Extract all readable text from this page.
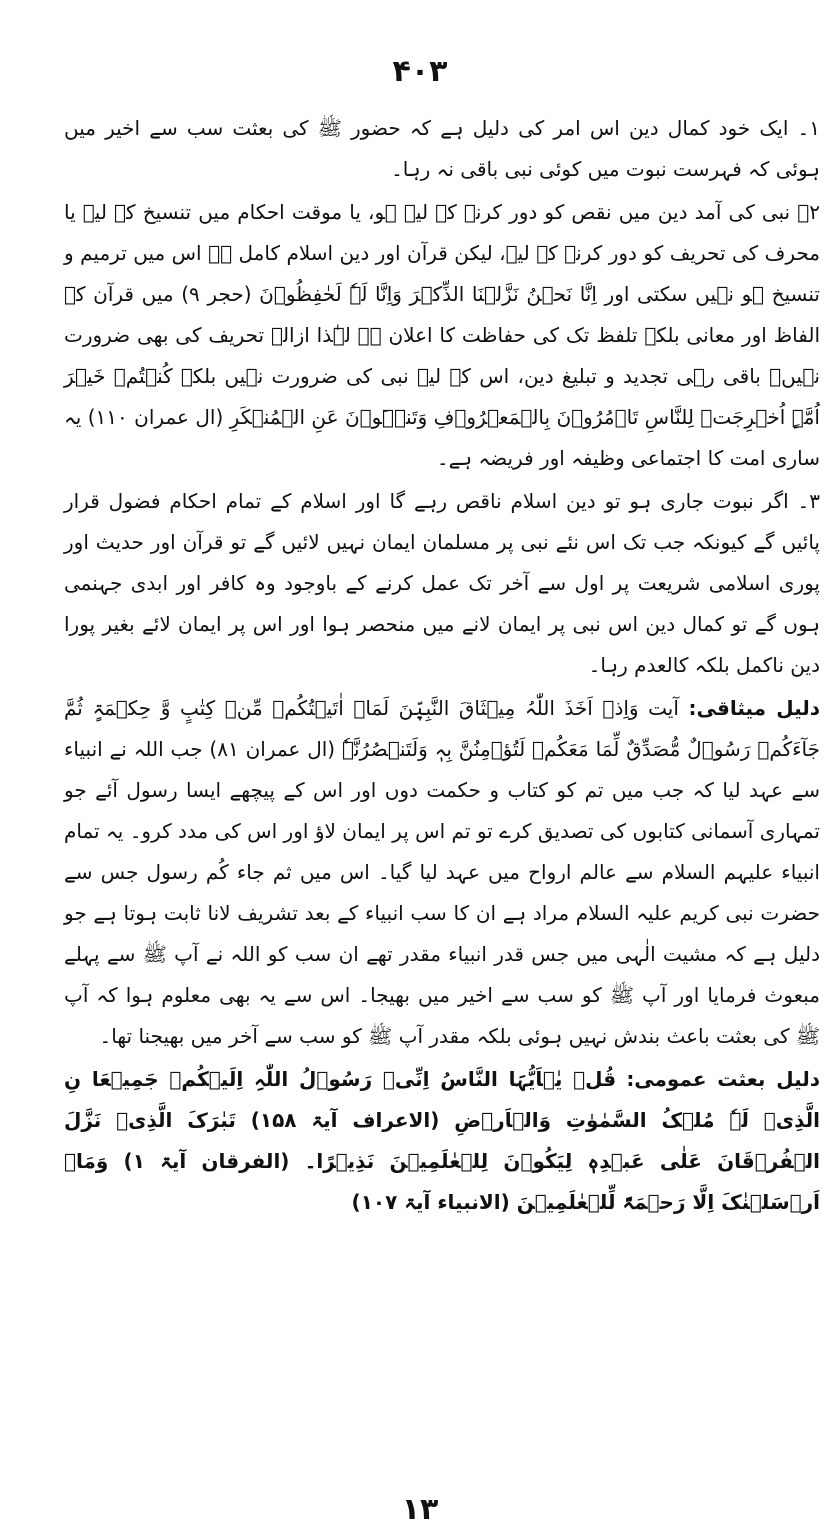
۴۰۳

۱۔ ایک خود کمال دین اس امر کی دلیل ہے کہ حضور ﷺ کی بعثت سب سے اخیر میں ہوئی کہ فہرست نبوت میں کوئی نبی باقی نہ رہا۔

۲۔ نبی کی آمد دین میں نقص کو دور کرنے کے لیے ہو، یا موقت احکام میں تنسیخ کے لیے یا محرف کی تحریف کو دور کرنے کے لیے، لیکن قرآن اور دین اسلام کامل ہے اس میں ترمیم و تنسیخ ہو نہیں سکتی اور اِنَّا نَحۡنُ نَزَّلۡنَا الذِّکۡرَ وَاِنَّا لَہٗ لَحٰفِظُوۡنَ (حجر ۹) میں قرآن کے الفاظ اور معانی بلکہ تلفظ تک کی حفاظت کا اعلان ہے لہٰذا ازالہ تحریف کی بھی ضرورت نہیں۔ باقی رہی تجدید و تبلیغ دین، اس کے لیے نبی کی ضرورت نہیں بلکہ کُنۡتُمۡ خَیۡرَ اُمَّۃٍ اُخۡرِجَتۡ لِلنَّاسِ تَاۡمُرُوۡنَ بِالۡمَعۡرُوۡفِ وَتَنۡہَوۡنَ عَنِ الۡمُنۡکَرِ (ال عمران ۱۱۰) یہ ساری امت کا اجتماعی وظیفہ اور فریضہ ہے۔

۳۔ اگر نبوت جاری ہو تو دین اسلام ناقص رہے گا اور اسلام کے تمام احکام فضول قرار پائیں گے کیونکہ جب تک اس نئے نبی پر مسلمان ایمان نہیں لائیں گے تو قرآن اور حدیث اور پوری اسلامی شریعت پر اول سے آخر تک عمل کرنے کے باوجود وہ کافر اور ابدی جہنمی ہوں گے تو کمال دین اس نبی پر ایمان لانے میں منحصر ہوا اور اس پر ایمان لائے بغیر پورا دین ناکمل بلکہ کالعدم رہا۔

دلیل میثاقی: آیت وَاِذۡ اَخَذَ اللّٰہُ مِیۡثَاقَ النَّبِیّٖنَ لَمَاۤ اٰتَیۡتُکُمۡ مِّنۡ کِتٰبٍ وَّ حِکۡمَۃٍ ثُمَّ جَآءَکُمۡ رَسُوۡلٌ مُّصَدِّقٌ لِّمَا مَعَکُمۡ لَتُؤۡمِنُنَّ بِہٖ وَلَتَنۡصُرُنَّہٗ (ال عمران ۸۱) جب اللہ نے انبیاء سے عہد لیا کہ جب میں تم کو کتاب و حکمت دوں اور اس کے پیچھے ایسا رسول آئے جو تمہاری آسمانی کتابوں کی تصدیق کرے تو تم اس پر ایمان لاؤ اور اس کی مدد کرو۔ یہ تمام انبیاء علیہم السلام سے عالم ارواح میں عہد لیا گیا۔ اس میں ثم جاء کُم رسول جس سے حضرت نبی کریم علیہ السلام مراد ہے ان کا سب انبیاء کے بعد تشریف لانا ثابت ہوتا ہے جو دلیل ہے کہ مشیت الٰہی میں جس قدر انبیاء مقدر تھے ان سب کو اللہ نے آپ ﷺ سے پہلے مبعوث فرمایا اور آپ ﷺ کو سب سے اخیر میں بھیجا۔ اس سے یہ بھی معلوم ہوا کہ آپ ﷺ کی بعثت باعث بندش نہیں ہوئی بلکہ مقدر آپ ﷺ کو سب سے آخر میں بھیجنا تھا۔

دلیل بعثت عمومی: قُلۡ یٰۤاَیُّہَا النَّاسُ اِنِّیۡ رَسُوۡلُ اللّٰہِ اِلَیۡکُمۡ جَمِیۡعَا نِ الَّذِیۡ لَہٗ مُلۡکُ السَّمٰوٰتِ وَالۡاَرۡضِ (الاعراف آیۃ ۱۵۸) تَبٰرَکَ الَّذِیۡ نَزَّلَ الۡفُرۡقَانَ عَلٰی عَبۡدِہٖ لِیَکُوۡنَ لِلۡعٰلَمِیۡنَ نَذِیۡرًا۔ (الفرقان آیۃ ۱) وَمَاۤ اَرۡسَلۡنٰکَ اِلَّا رَحۡمَۃً لِّلۡعٰلَمِیۡنَ (الانبیاء آیۃ ۱۰۷)

۱۳
